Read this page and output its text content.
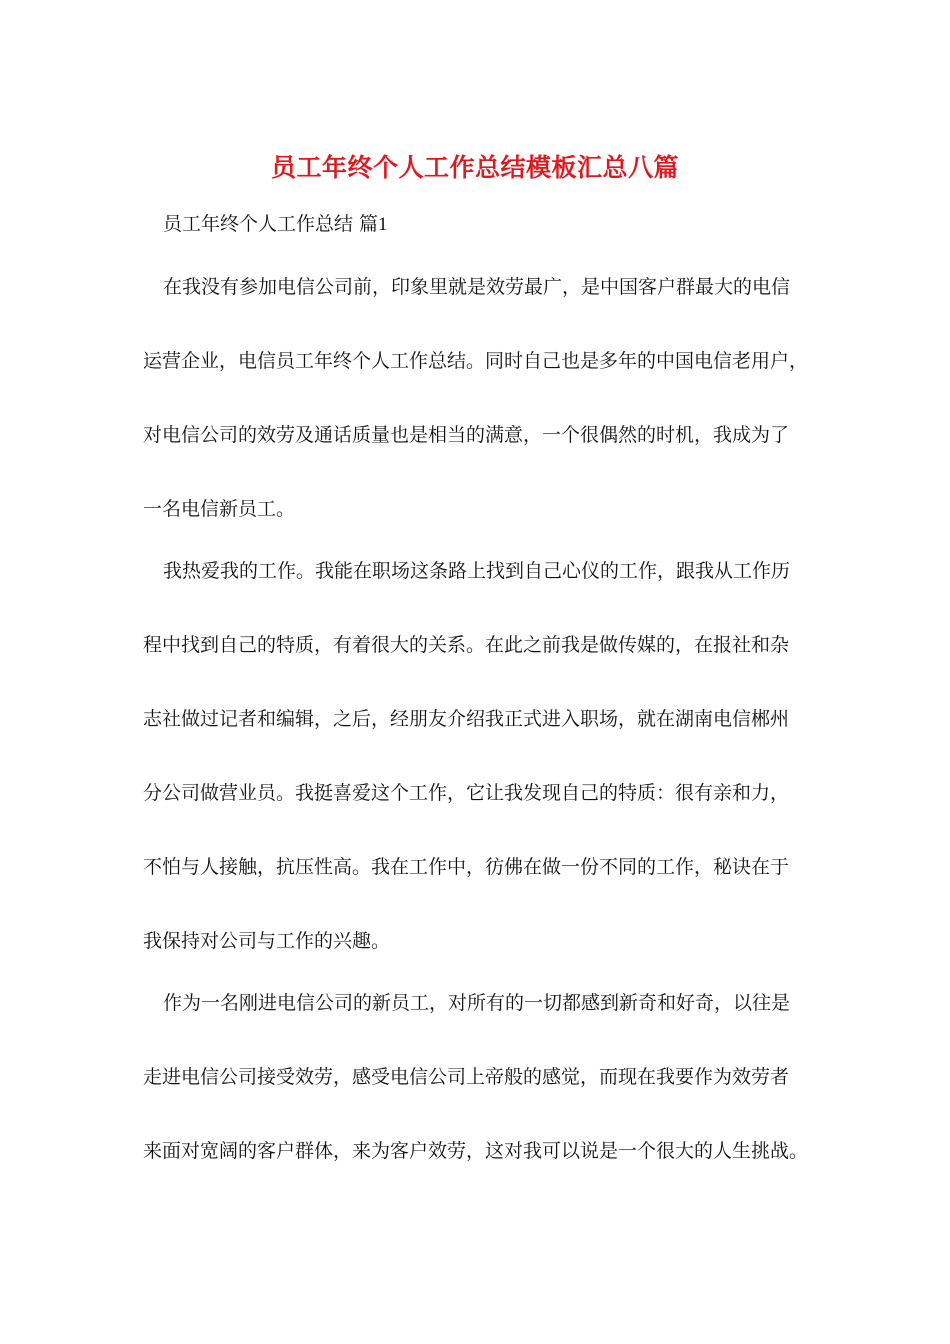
员工年终个人工作总结模板汇总八篇
员工年终个人工作总结 篇1
在我没有参加电信公司前，印象里就是效劳最广，是中国客户群最大的电信
运营企业，电信员工年终个人工作总结。同时自己也是多年的中国电信老用户，
对电信公司的效劳及通话质量也是相当的满意，一个很偶然的时机，我成为了
一名电信新员工。
我热爱我的工作。我能在职场这条路上找到自己心仪的工作，跟我从工作历
程中找到自己的特质，有着很大的关系。在此之前我是做传媒的，在报社和杂
志社做过记者和编辑，之后，经朋友介绍我正式进入职场，就在湖南电信郴州
分公司做营业员。我挺喜爱这个工作，它让我发现自己的特质：很有亲和力，
不怕与人接触，抗压性高。我在工作中，彷佛在做一份不同的工作，秘诀在于
我保持对公司与工作的兴趣。
作为一名刚进电信公司的新员工，对所有的一切都感到新奇和好奇，以往是
走进电信公司接受效劳，感受电信公司上帝般的感觉，而现在我要作为效劳者
来面对宽阔的客户群体，来为客户效劳，这对我可以说是一个很大的人生挑战。
